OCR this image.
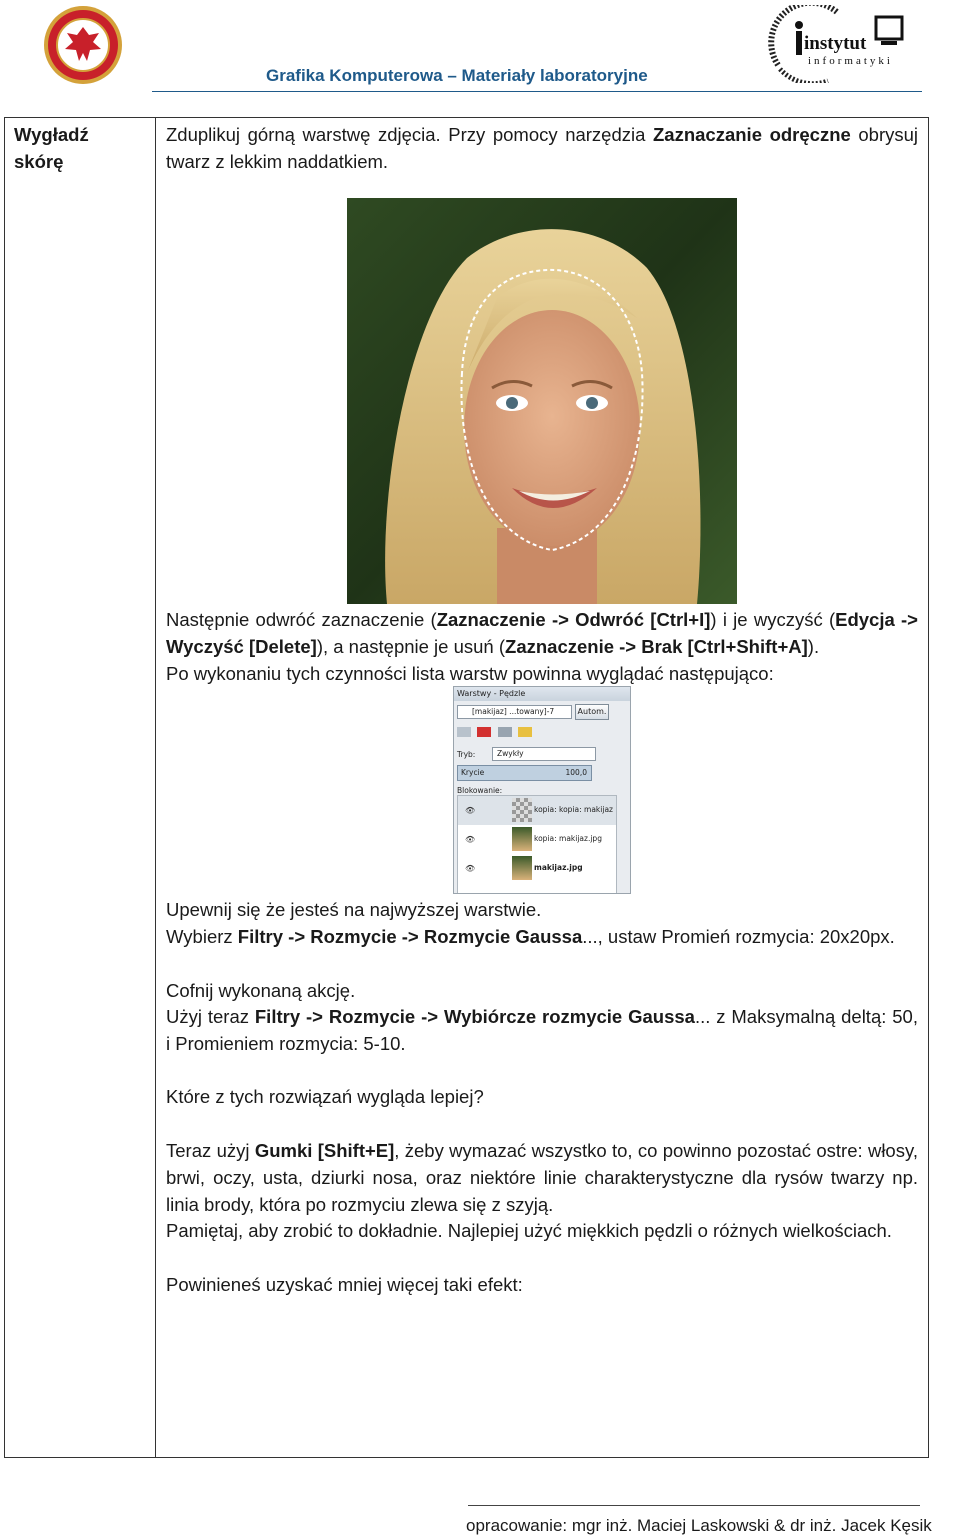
Grafika Komputerowa – Materiały laboratoryjne
instytut
informatyki
Wygładź
skórę
Zduplikuj górną warstwę zdjęcia. Przy pomocy narzędzia Zaznaczanie odręczne obrysuj twarz z lekkim naddatkiem.
Następnie odwróć zaznaczenie (Zaznaczenie -> Odwróć [Ctrl+I]) i je wyczyść (Edycja -> Wyczyść [Delete]), a następnie je usuń (Zaznaczenie -> Brak [Ctrl+Shift+A]).
Po wykonaniu tych czynności lista warstw powinna wyglądać następująco:
Warstwy - Pędzle
[makijaz] ...towany]-7	Autom.

Tryb:	Zwykły
Krycie	100,0
Blokowanie:
👁	kopia: kopia: makijaz
👁	kopia: makijaz.jpg
👁	makijaz.jpg
Upewnij się że jesteś na najwyższej warstwie.
Wybierz Filtry -> Rozmycie -> Rozmycie Gaussa..., ustaw Promień rozmycia: 20x20px.
Cofnij wykonaną akcję.
Użyj teraz Filtry -> Rozmycie -> Wybiórcze rozmycie Gaussa... z Maksymalną deltą: 50, i Promieniem rozmycia: 5-10.
Które z tych rozwiązań wygląda lepiej?
Teraz użyj Gumki [Shift+E], żeby wymazać wszystko to, co powinno pozostać ostre: włosy, brwi, oczy, usta, dziurki nosa, oraz niektóre linie charakterystyczne dla rysów twarzy np. linia brody, która po rozmyciu zlewa się z szyją.
Pamiętaj, aby zrobić to dokładnie. Najlepiej użyć miękkich pędzli o różnych wielkościach.
Powinieneś uzyskać mniej więcej taki efekt:
opracowanie: mgr inż. Maciej Laskowski & dr inż. Jacek Kęsik
